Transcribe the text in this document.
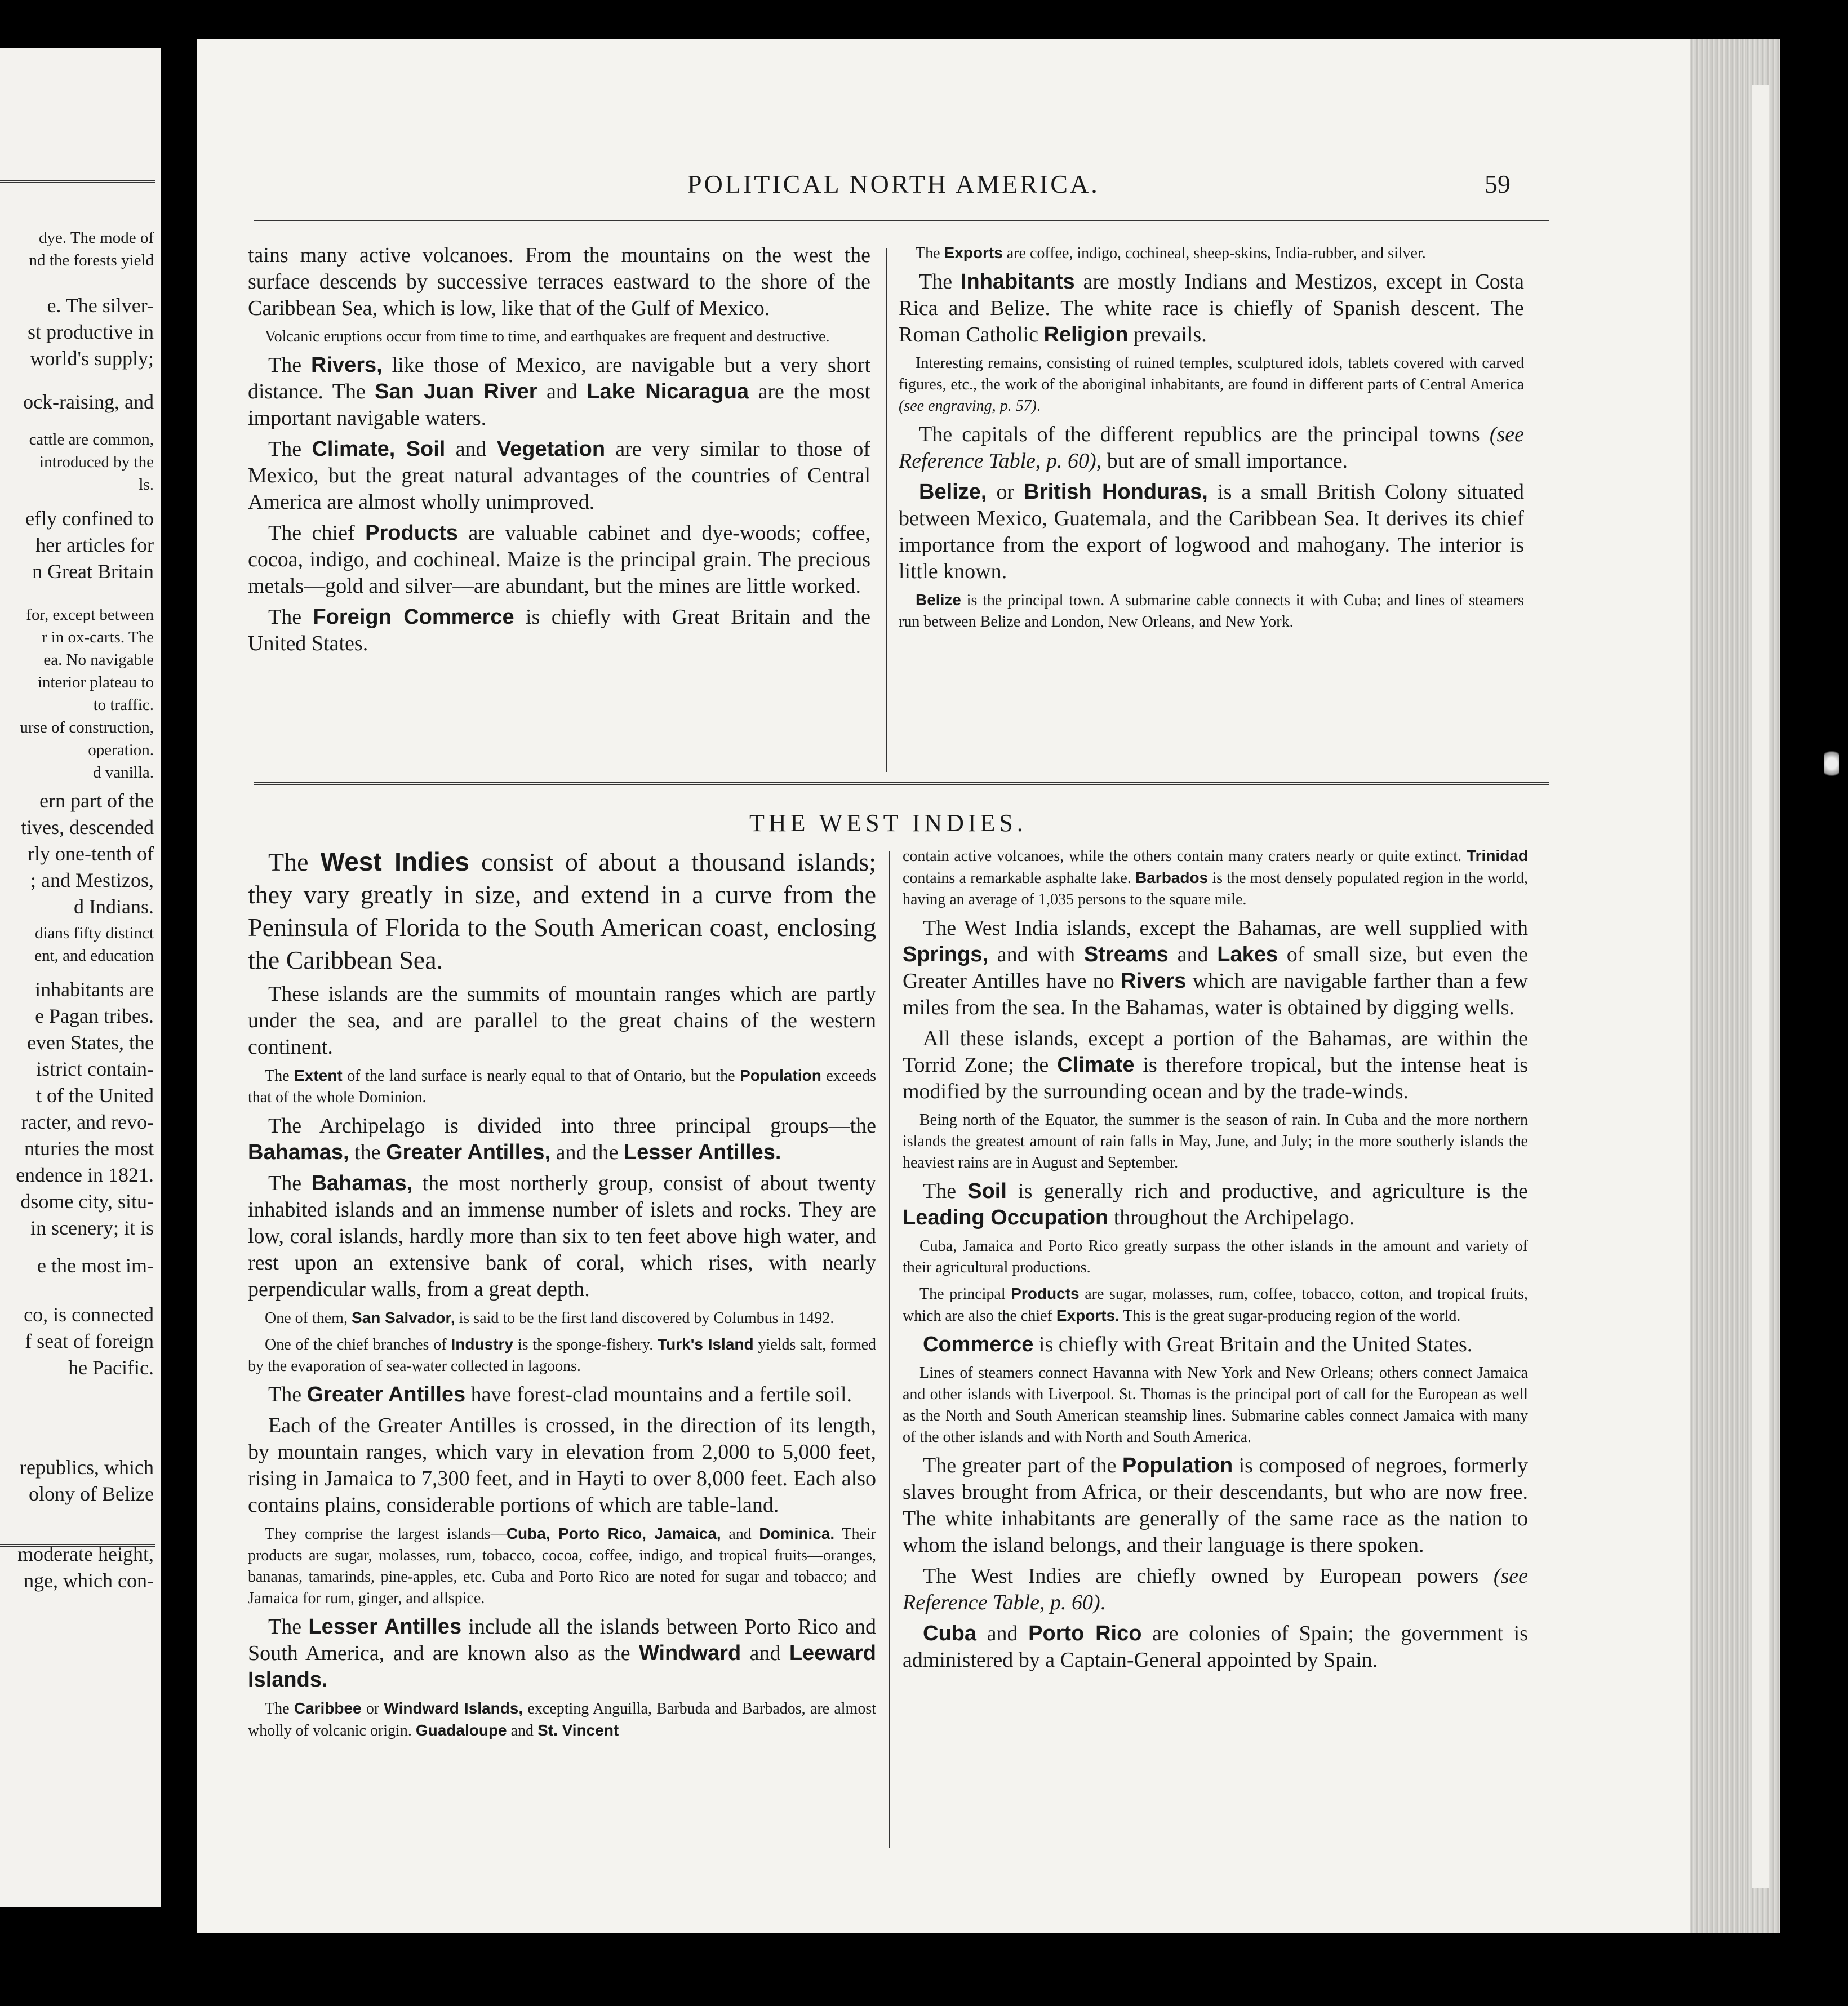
dye. The mode of
nd the forests yield
e. The silver-
st productive in
world's supply;
ock-raising, and
cattle are common,
introduced by the
ls.
efly confined to
her articles for
n Great Britain
for, except between
r in ox-carts. The
ea. No navigable
interior plateau to
to traffic.
urse of construction,
operation.
d vanilla.
ern part of the
tives, descended
rly one-tenth of
; and Mestizos,
d Indians.
dians fifty distinct
ent, and education
inhabitants are
e Pagan tribes.
even States, the
istrict contain-
t of the United
racter, and revo-
nturies the most
endence in 1821.
dsome city, situ-
in scenery; it is
e the most im-
co, is connected
f seat of foreign
he Pacific.
republics, which
olony of Belize
moderate height,
nge, which con-
POLITICAL NORTH AMERICA.	59

tains many active volcanoes. From the mountains on the west the surface descends by successive terraces eastward to the shore of the Caribbean Sea, which is low, like that of the Gulf of Mexico.

Volcanic eruptions occur from time to time, and earthquakes are frequent and destructive.

The Rivers, like those of Mexico, are navigable but a very short distance. The San Juan River and Lake Nicaragua are the most important navigable waters.

The Climate, Soil and Vegetation are very similar to those of Mexico, but the great natural advantages of the countries of Central America are almost wholly unimproved.

The chief Products are valuable cabinet and dye-woods; coffee, cocoa, indigo, and cochineal. Maize is the principal grain. The precious metals—gold and silver—are abundant, but the mines are little worked.

The Foreign Commerce is chiefly with Great Britain and the United States.

The Exports are coffee, indigo, cochineal, sheep-skins, India-rubber, and silver.

The Inhabitants are mostly Indians and Mestizos, except in Costa Rica and Belize. The white race is chiefly of Spanish descent. The Roman Catholic Religion prevails.

Interesting remains, consisting of ruined temples, sculptured idols, tablets covered with carved figures, etc., the work of the aboriginal inhabitants, are found in different parts of Central America (see engraving, p. 57).

The capitals of the different republics are the principal towns (see Reference Table, p. 60), but are of small importance.

Belize, or British Honduras, is a small British Colony situated between Mexico, Guatemala, and the Caribbean Sea. It derives its chief importance from the export of logwood and mahogany. The interior is little known.

Belize is the principal town. A submarine cable connects it with Cuba; and lines of steamers run between Belize and London, New Orleans, and New York.

THE WEST INDIES.

The West Indies consist of about a thousand islands; they vary greatly in size, and extend in a curve from the Peninsula of Florida to the South American coast, enclosing the Caribbean Sea.

These islands are the summits of mountain ranges which are partly under the sea, and are parallel to the great chains of the western continent.

The Extent of the land surface is nearly equal to that of Ontario, but the Population exceeds that of the whole Dominion.

The Archipelago is divided into three principal groups—the Bahamas, the Greater Antilles, and the Lesser Antilles.

The Bahamas, the most northerly group, consist of about twenty inhabited islands and an immense number of islets and rocks. They are low, coral islands, hardly more than six to ten feet above high water, and rest upon an extensive bank of coral, which rises, with nearly perpendicular walls, from a great depth.

One of them, San Salvador, is said to be the first land discovered by Columbus in 1492.

One of the chief branches of Industry is the sponge-fishery. Turk's Island yields salt, formed by the evaporation of sea-water collected in lagoons.

The Greater Antilles have forest-clad mountains and a fertile soil.

Each of the Greater Antilles is crossed, in the direction of its length, by mountain ranges, which vary in elevation from 2,000 to 5,000 feet, rising in Jamaica to 7,300 feet, and in Hayti to over 8,000 feet. Each also contains plains, considerable portions of which are table-land.

They comprise the largest islands—Cuba, Porto Rico, Jamaica, and Dominica. Their products are sugar, molasses, rum, tobacco, cocoa, coffee, indigo, and tropical fruits—oranges, bananas, tamarinds, pine-apples, etc. Cuba and Porto Rico are noted for sugar and tobacco; and Jamaica for rum, ginger, and allspice.

The Lesser Antilles include all the islands between Porto Rico and South America, and are known also as the Windward and Leeward Islands.

The Caribbee or Windward Islands, excepting Anguilla, Barbuda and Barbados, are almost wholly of volcanic origin. Guadaloupe and St. Vincent

contain active volcanoes, while the others contain many craters nearly or quite extinct. Trinidad contains a remarkable asphalte lake. Barbados is the most densely populated region in the world, having an average of 1,035 persons to the square mile.

The West India islands, except the Bahamas, are well supplied with Springs, and with Streams and Lakes of small size, but even the Greater Antilles have no Rivers which are navigable farther than a few miles from the sea. In the Bahamas, water is obtained by digging wells.

All these islands, except a portion of the Bahamas, are within the Torrid Zone; the Climate is therefore tropical, but the intense heat is modified by the surrounding ocean and by the trade-winds.

Being north of the Equator, the summer is the season of rain. In Cuba and the more northern islands the greatest amount of rain falls in May, June, and July; in the more southerly islands the heaviest rains are in August and September.

The Soil is generally rich and productive, and agriculture is the Leading Occupation throughout the Archipelago.

Cuba, Jamaica and Porto Rico greatly surpass the other islands in the amount and variety of their agricultural productions.

The principal Products are sugar, molasses, rum, coffee, tobacco, cotton, and tropical fruits, which are also the chief Exports. This is the great sugar-producing region of the world.

Commerce is chiefly with Great Britain and the United States.

Lines of steamers connect Havanna with New York and New Orleans; others connect Jamaica and other islands with Liverpool. St. Thomas is the principal port of call for the European as well as the North and South American steamship lines. Submarine cables connect Jamaica with many of the other islands and with North and South America.

The greater part of the Population is composed of negroes, formerly slaves brought from Africa, or their descendants, but who are now free. The white inhabitants are generally of the same race as the nation to whom the island belongs, and their language is there spoken.

The West Indies are chiefly owned by European powers (see Reference Table, p. 60).

Cuba and Porto Rico are colonies of Spain; the government is administered by a Captain-General appointed by Spain.
